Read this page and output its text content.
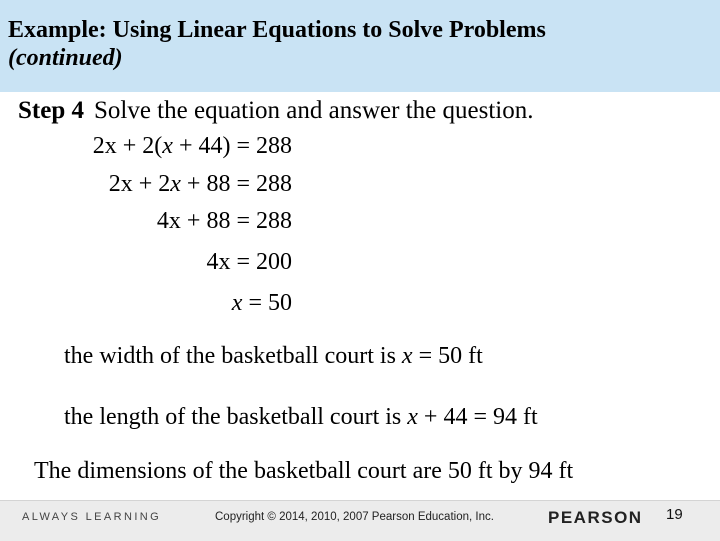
Example: Using Linear Equations to Solve Problems
(continued)
Step 4 Solve the equation and answer the question.
2x + 2(x + 44) = 288
2x + 2x + 88 = 288
4x + 88 = 288
4x = 200
x = 50
the width of the basketball court is x = 50 ft
the length of the basketball court is x + 44 = 94 ft
The dimensions of the basketball court are 50 ft by 94 ft
ALWAYS LEARNING	Copyright © 2014, 2010, 2007 Pearson Education, Inc.	PEARSON 19
